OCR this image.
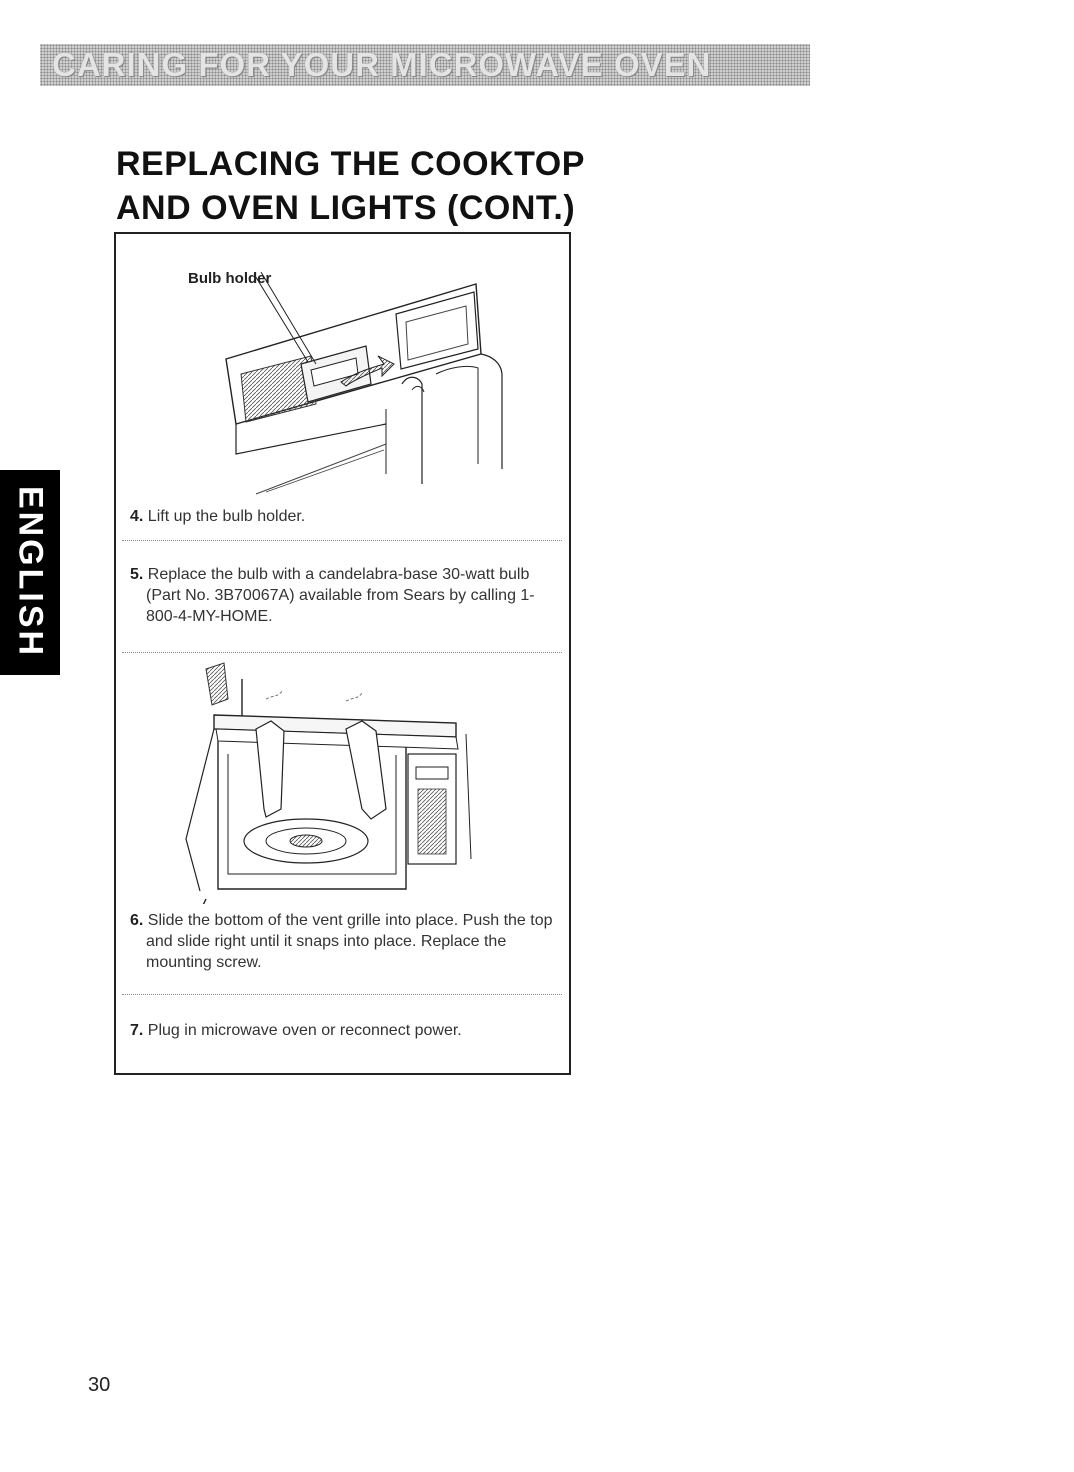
CARING FOR YOUR MICROWAVE OVEN
REPLACING THE COOKTOP
AND OVEN LIGHTS (CONT.)
ENGLISH
Bulb holder
4. Lift up the bulb holder.
5. Replace the bulb with a candelabra-base 30-watt bulb (Part No. 3B70067A) available from Sears by calling 1-800-4-MY-HOME.
6. Slide the bottom of the vent grille into place. Push the top and slide right until it snaps into place. Replace the mounting screw.
7. Plug in microwave oven or reconnect power.
30
